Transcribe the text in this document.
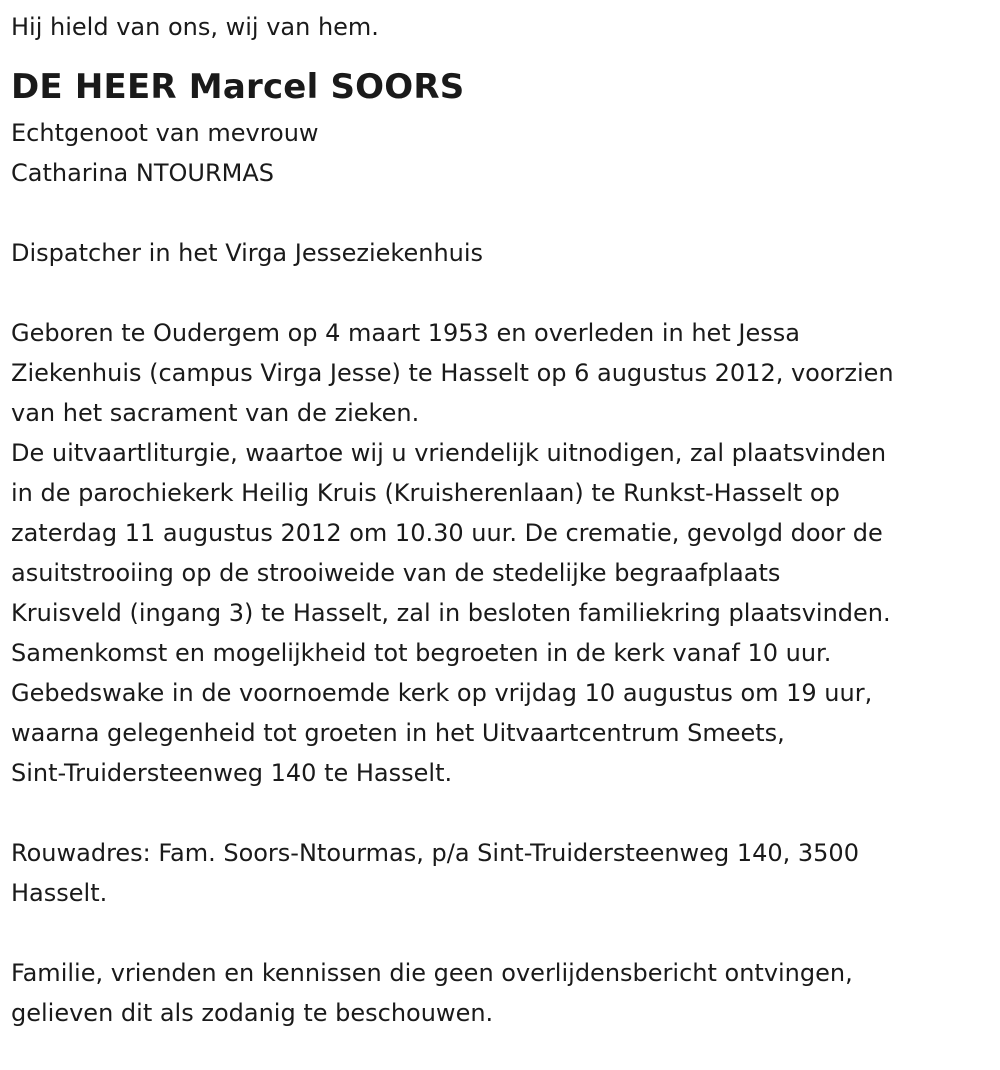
Hij hield van ons, wij van hem.
DE HEER Marcel SOORS
Echtgenoot van mevrouw
Catharina NTOURMAS
Dispatcher in het Virga Jesseziekenhuis
Geboren te Oudergem op 4 maart 1953 en overleden in het Jessa
Ziekenhuis (campus Virga Jesse) te Hasselt op 6 augustus 2012, voorzien
van het sacrament van de zieken.
De uitvaartliturgie, waartoe wij u vriendelijk uitnodigen, zal plaatsvinden
in de parochiekerk Heilig Kruis (Kruisherenlaan) te Runkst-Hasselt op
zaterdag 11 augustus 2012 om 10.30 uur. De crematie, gevolgd door de
asuitstrooiing op de strooiweide van de stedelijke begraafplaats
Kruisveld (ingang 3) te Hasselt, zal in besloten familiekring plaatsvinden.
Samenkomst en mogelijkheid tot begroeten in de kerk vanaf 10 uur.
Gebedswake in de voornoemde kerk op vrijdag 10 augustus om 19 uur,
waarna gelegenheid tot groeten in het Uitvaartcentrum Smeets,
Sint-Truidersteenweg 140 te Hasselt.
Rouwadres: Fam. Soors-Ntourmas, p/a Sint-Truidersteenweg 140, 3500
Hasselt.
Familie, vrienden en kennissen die geen overlijdensbericht ontvingen,
gelieven dit als zodanig te beschouwen.
